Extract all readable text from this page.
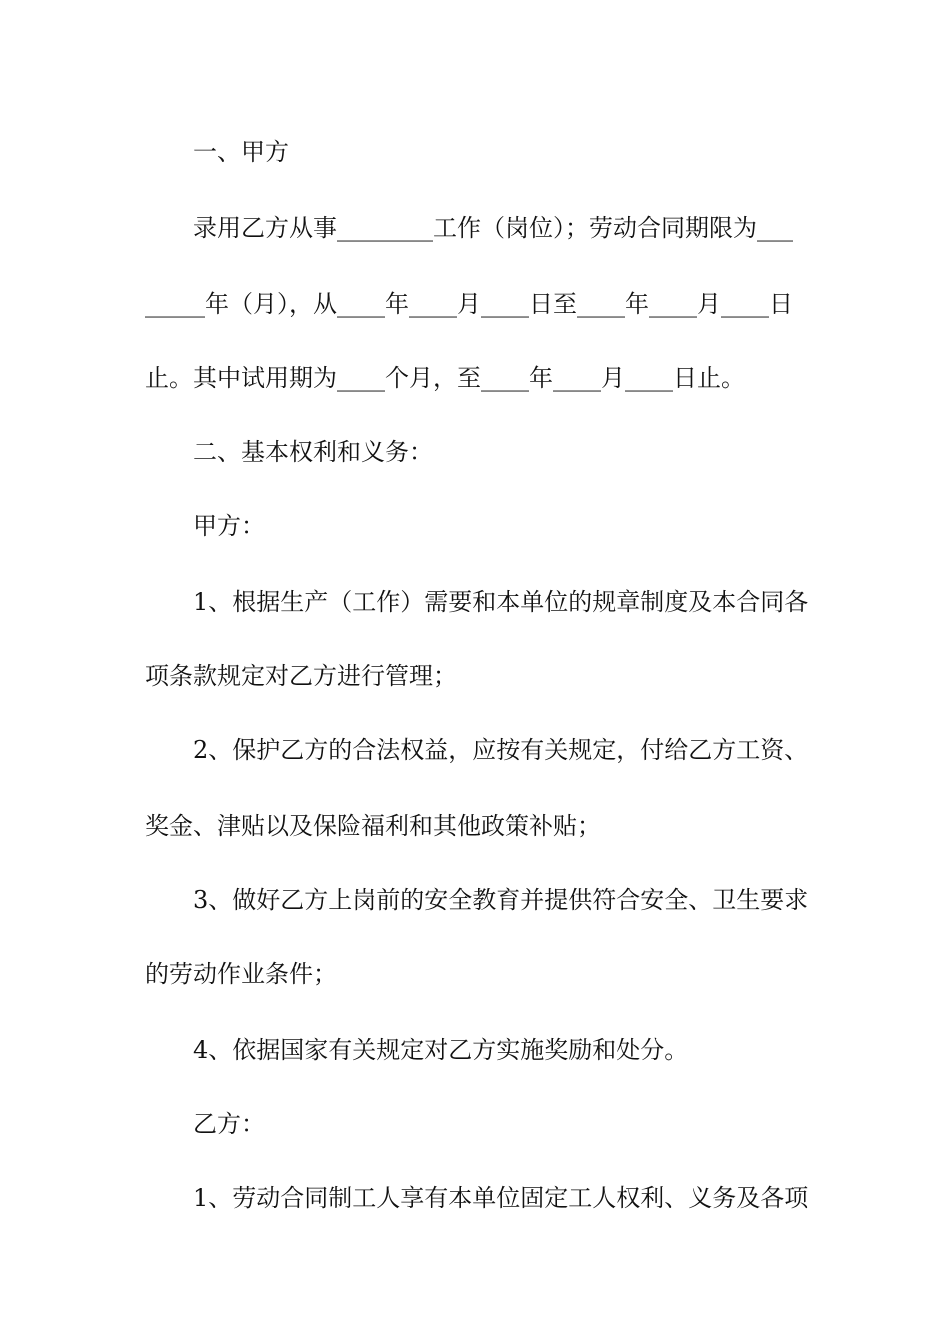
一、甲方
录用乙方从事________工作（岗位）；劳动合同期限为___
_____年（月），从____年____月____日至____年____月____日
止。其中试用期为____个月，至____年____月____日止。
二、基本权利和义务：
甲方：
1、根据生产（工作）需要和本单位的规章制度及本合同各
项条款规定对乙方进行管理；
2、保护乙方的合法权益，应按有关规定，付给乙方工资、
奖金、津贴以及保险福利和其他政策补贴；
3、做好乙方上岗前的安全教育并提供符合安全、卫生要求
的劳动作业条件；
4、依据国家有关规定对乙方实施奖励和处分。
乙方：
1、劳动合同制工人享有本单位固定工人权利、义务及各项
